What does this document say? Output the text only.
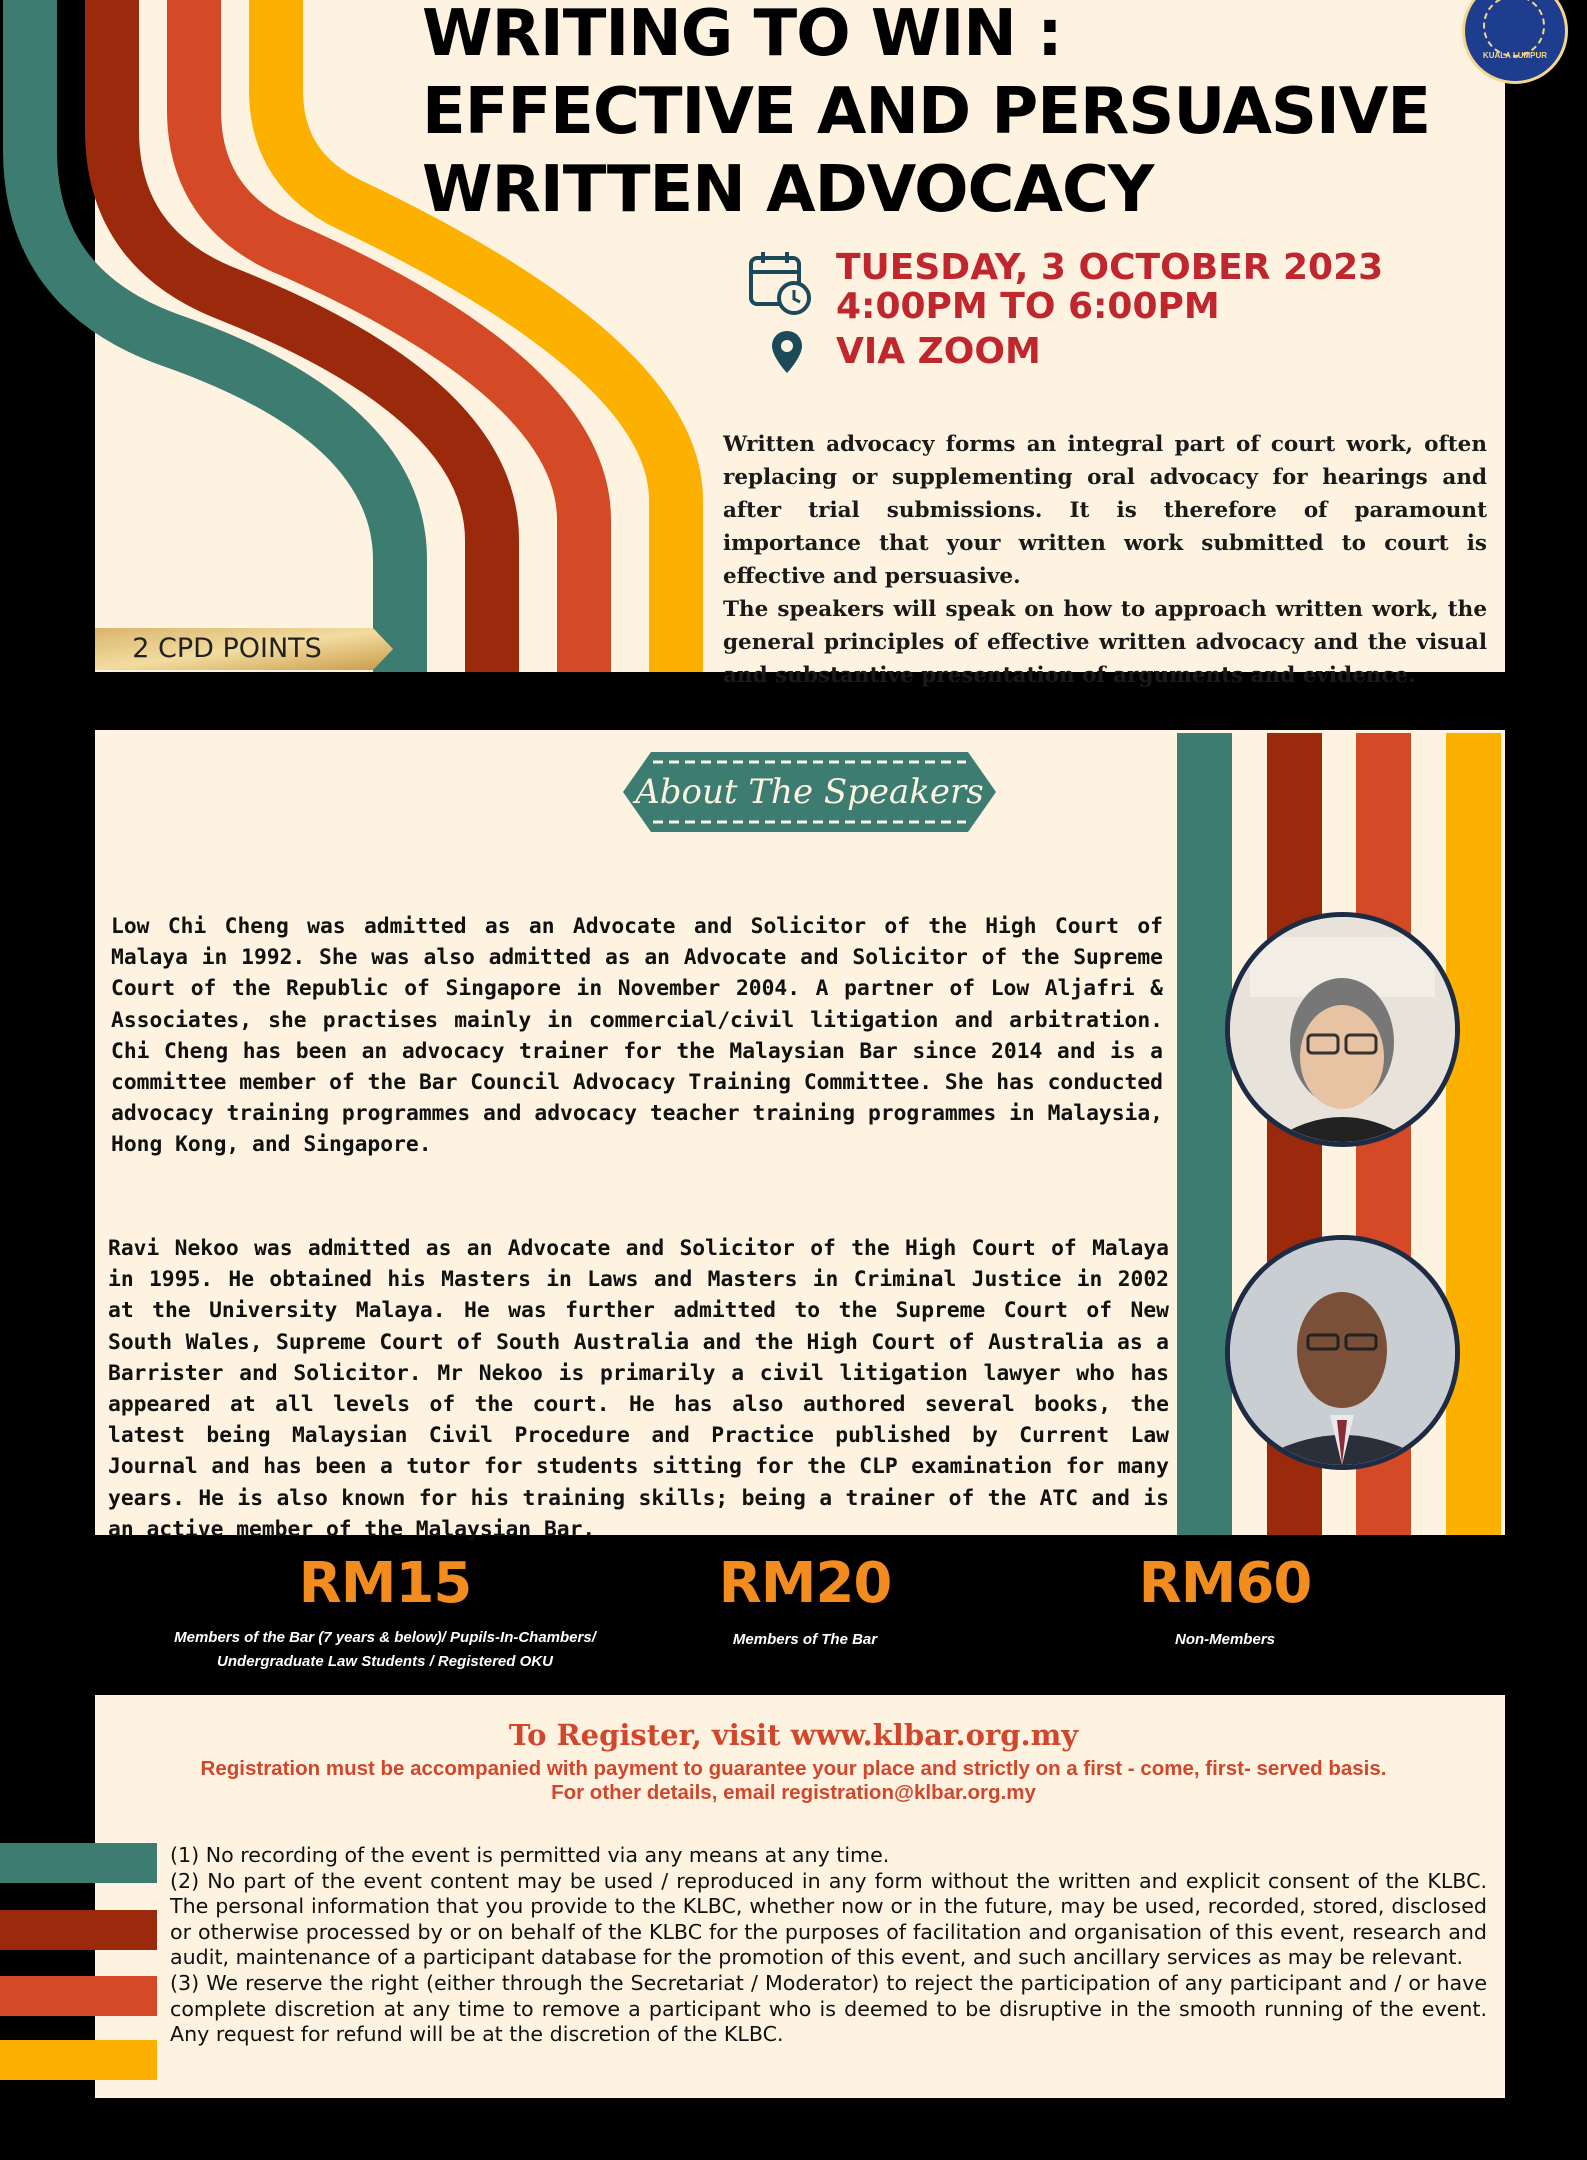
WRITING TO WIN :
EFFECTIVE AND PERSUASIVE
WRITTEN ADVOCACY
KUALA LUMPUR
TUESDAY, 3 OCTOBER 2023
4:00PM TO 6:00PM
VIA ZOOM

Written advocacy forms an integral part of court work, often replacing or supplementing oral advocacy for hearings and after trial submissions. It is therefore of paramount importance that your written work submitted to court is effective and persuasive.

The speakers will speak on how to approach written work, the general principles of effective written advocacy and the visual and substantive presentation of arguments and evidence.

2 CPD POINTS
About The Speakers
Low Chi Cheng was admitted as an Advocate and Solicitor of the High Court of Malaya in 1992. She was also admitted as an Advocate and Solicitor of the Supreme Court of the Republic of Singapore in November 2004. A partner of Low Aljafri & Associates, she practises mainly in commercial/civil litigation and arbitration. Chi Cheng has been an advocacy trainer for the Malaysian Bar since 2014 and is a committee member of the Bar Council Advocacy Training Committee. She has conducted advocacy training programmes and advocacy teacher training programmes in Malaysia, Hong Kong, and Singapore.
Ravi Nekoo was admitted as an Advocate and Solicitor of the High Court of Malaya in 1995. He obtained his Masters in Laws and Masters in Criminal Justice in 2002 at the University Malaya. He was further admitted to the Supreme Court of New South Wales, Supreme Court of South Australia and the High Court of Australia as a Barrister and Solicitor. Mr Nekoo is primarily a civil litigation lawyer who has appeared at all levels of the court. He has also authored several books, the latest being Malaysian Civil Procedure and Practice published by Current Law Journal and has been a tutor for students sitting for the CLP examination for many years. He is also known for his training skills; being a trainer of the ATC and is an active member of the Malaysian Bar.
RM15
Members of the Bar (7 years & below)/ Pupils-In-Chambers/
Undergraduate Law Students / Registered OKU
RM20
Members of The Bar
RM60
Non-Members
To Register, visit www.klbar.org.my
Registration must be accompanied with payment to guarantee your place and strictly on a first - come, first- served basis.
For other details, email registration@klbar.org.my

(1) No recording of the event is permitted via any means at any time.

(2) No part of the event content may be used / reproduced in any form without the written and explicit consent of the KLBC. The personal information that you provide to the KLBC, whether now or in the future, may be used, recorded, stored, disclosed or otherwise processed by or on behalf of the KLBC for the purposes of facilitation and organisation of this event, research and audit, maintenance of a participant database for the promotion of this event, and such ancillary services as may be relevant.

(3) We reserve the right (either through the Secretariat / Moderator) to reject the participation of any participant and / or have complete discretion at any time to remove a participant who is deemed to be disruptive in the smooth running of the event. Any request for refund will be at the discretion of the KLBC.
